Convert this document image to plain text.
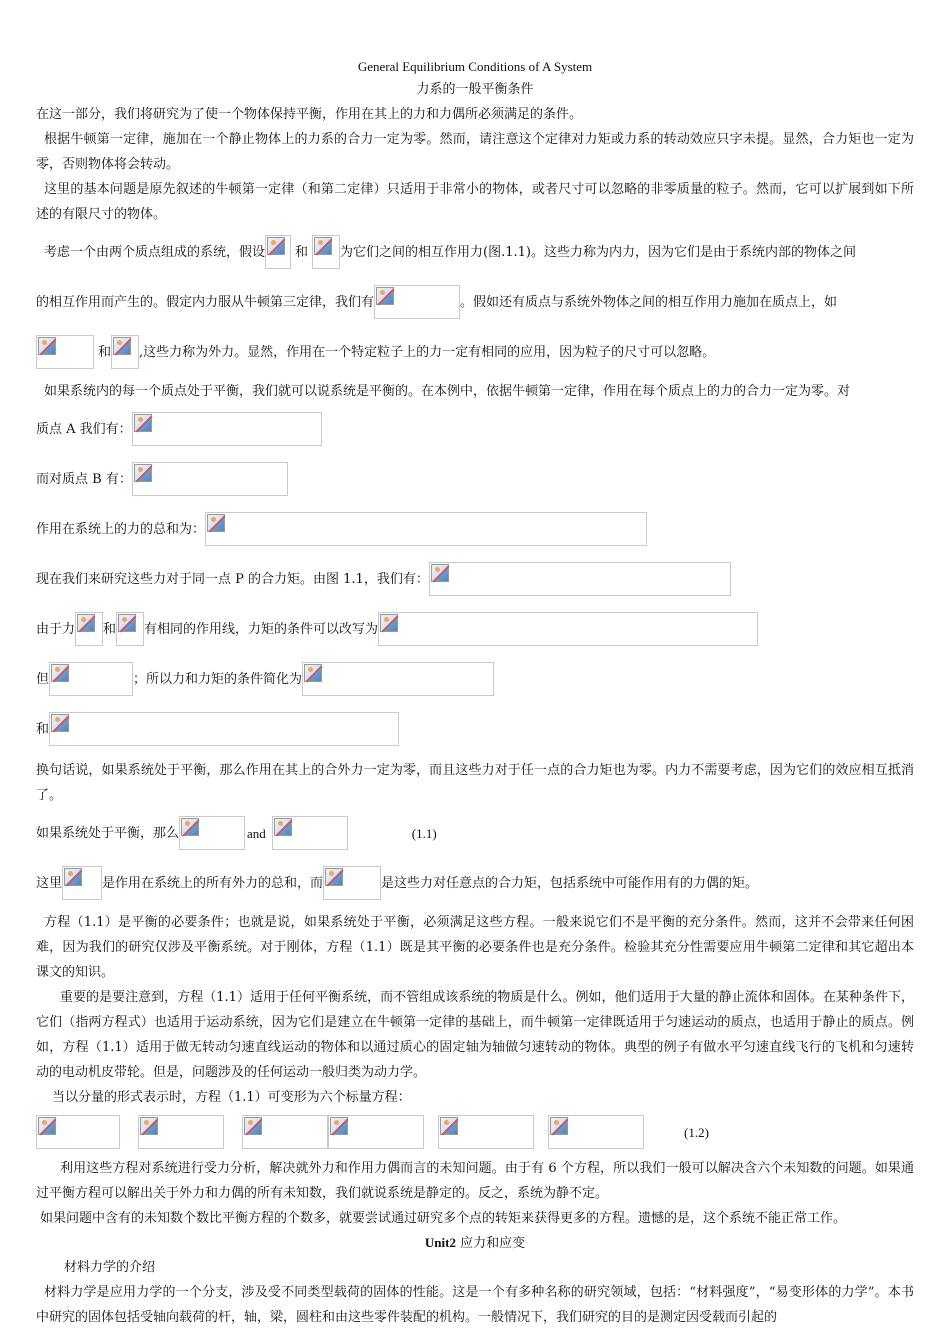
General Equilibrium Conditions of A System
力系的一般平衡条件

在这一部分，我们将研究为了使一个物体保持平衡，作用在其上的力和力偶所必须满足的条件。

根据牛顿第一定律，施加在一个静止物体上的力系的合力一定为零。然而，请注意这个定律对力矩或力系的转动效应只字未提。显然，合力矩也一定为零，否则物体将会转动。

这里的基本问题是原先叙述的牛顿第一定律（和第二定律）只适用于非常小的物体，或者尺寸可以忽略的非零质量的粒子。然而，它可以扩展到如下所述的有限尺寸的物体。

考虑一个由两个质点组成的系统，假设 和 为它们之间的相互作用力(图.1.1)。这些力称为内力，因为它们是由于系统内部的物体之间
的相互作用而产生的。假定内力服从牛顿第三定律，我们有	。假如还有质点与系统外物体之间的相互作用力施加在质点上，如
和 ,这些力称为外力。显然，作用在一个特定粒子上的力一定有相同的应用，因为粒子的尺寸可以忽略。

如果系统内的每一个质点处于平衡，我们就可以说系统是平衡的。在本例中，依据牛顿第一定律，作用在每个质点上的力的合力一定为零。对

质点 A 我们有：
而对质点 B 有：
作用在系统上的力的总和为：
现在我们来研究这些力对于同一点 P 的合力矩。由图 1.1，我们有：
由于力 和 有相同的作用线，力矩的条件可以改写为
但	；所以力和力矩的条件简化为
和

换句话说，如果系统处于平衡，那么作用在其上的合外力一定为零，而且这些力对于任一点的合力矩也为零。内力不需要考虑，因为它们的效应相互抵消了。

如果系统处于平衡，那么	and	(1.1)
这里	是作用在系统上的所有外力的总和，而	是这些力对任意点的合力矩，包括系统中可能作用有的力偶的矩。

方程（1.1）是平衡的必要条件；也就是说，如果系统处于平衡，必须满足这些方程。一般来说它们不是平衡的充分条件。然而，这并不会带来任何困难，因为我们的研究仅涉及平衡系统。对于刚体，方程（1.1）既是其平衡的必要条件也是充分条件。检验其充分性需要应用牛顿第二定律和其它超出本课文的知识。

重要的是要注意到，方程（1.1）适用于任何平衡系统，而不管组成该系统的物质是什么。例如，他们适用于大量的静止流体和固体。在某种条件下，它们（指两方程式）也适用于运动系统，因为它们是建立在牛顿第一定律的基础上，而牛顿第一定律既适用于匀速运动的质点，也适用于静止的质点。例如，方程（1.1）适用于做无转动匀速直线运动的物体和以通过质心的固定轴为轴做匀速转动的物体。典型的例子有做水平匀速直线飞行的飞机和匀速转动的电动机皮带轮。但是，问题涉及的任何运动一般归类为动力学。

当以分量的形式表示时，方程（1.1）可变形为六个标量方程：

(1.2)

利用这些方程对系统进行受力分析，解决就外力和作用力偶而言的未知问题。由于有 6 个方程，所以我们一般可以解决含六个未知数的问题。如果通过平衡方程可以解出关于外力和力偶的所有未知数，我们就说系统是静定的。反之，系统为静不定。

如果问题中含有的未知数个数比平衡方程的个数多，就要尝试通过研究多个点的转矩来获得更多的方程。遗憾的是，这个系统不能正常工作。

Unit2 应力和应变
材料力学的介绍

材料力学是应用力学的一个分支，涉及受不同类型载荷的固体的性能。这是一个有多种名称的研究领域，包括：“材料强度”，“易变形体的力学”。本书中研究的固体包括受轴向载荷的杆，轴，梁，圆柱和由这些零件装配的机构。一般情况下，我们研究的目的是测定因受载而引起的
